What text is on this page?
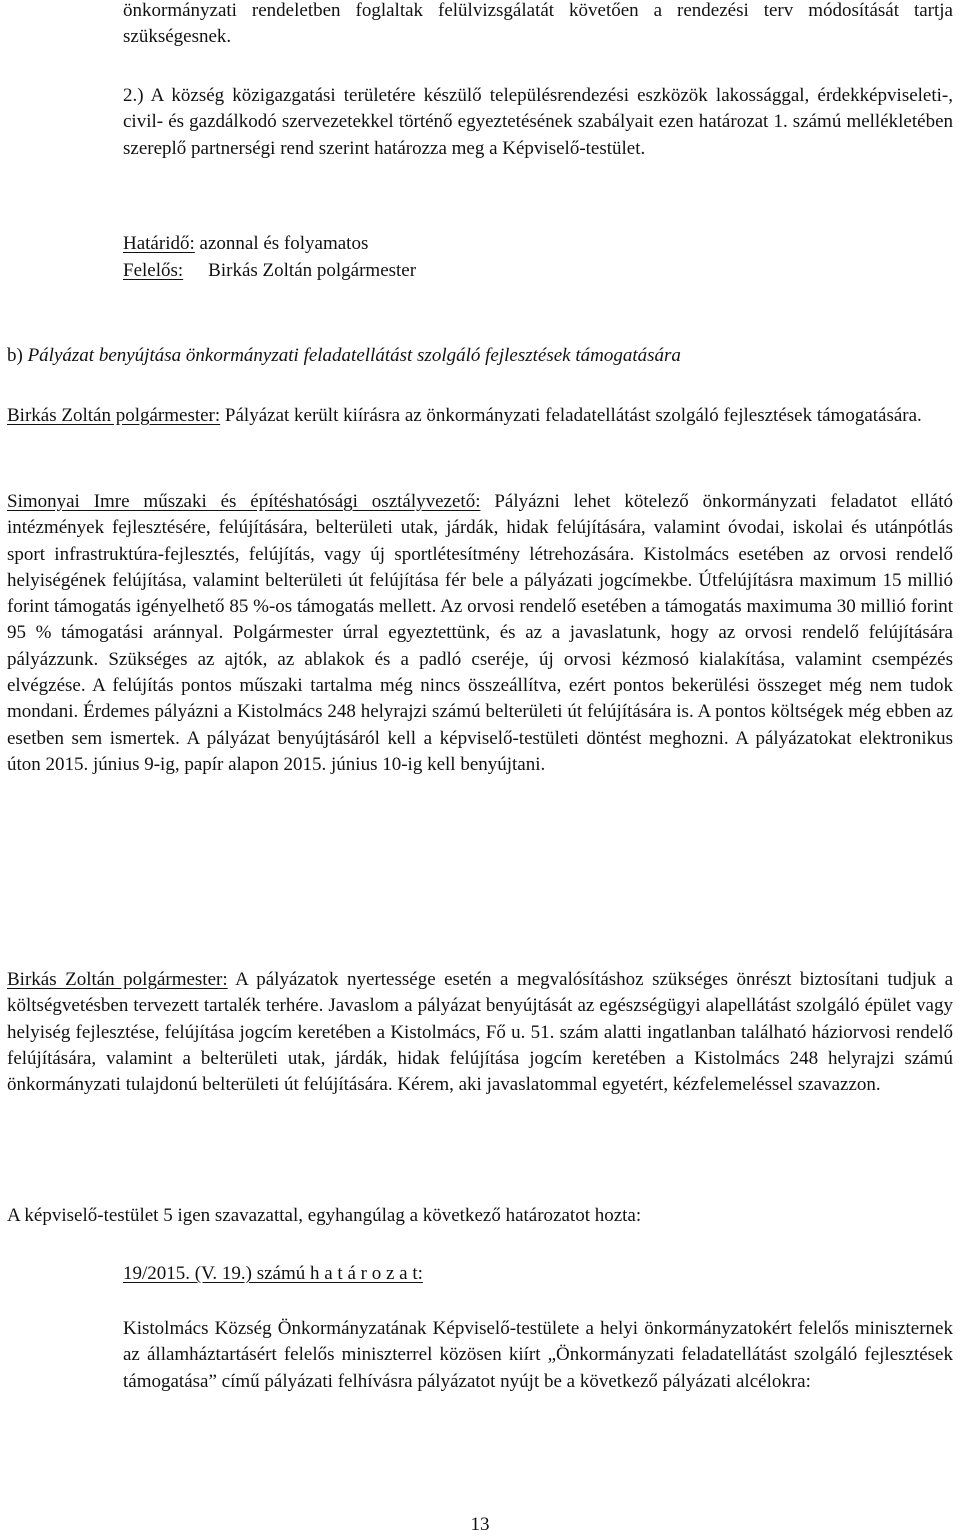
önkormányzati rendeletben foglaltak felülvizsgálatát követően a rendezési terv módosítását tartja szükségesnek.

2.) A község közigazgatási területére készülő településrendezési eszközök lakossággal, érdekképviseleti-, civil- és gazdálkodó szervezetekkel történő egyeztetésének szabályait ezen határozat 1. számú mellékletében szereplő partnerségi rend szerint határozza meg a Képviselő-testület.

Határidő: azonnal és folyamatos
Felelős: Birkás Zoltán polgármester
b) Pályázat benyújtása önkormányzati feladatellátást szolgáló fejlesztések támogatására

Birkás Zoltán polgármester: Pályázat került kiírásra az önkormányzati feladatellátást szolgáló fejlesztések támogatására.

Simonyai Imre műszaki és építéshatósági osztályvezető: Pályázni lehet kötelező önkormányzati feladatot ellátó intézmények fejlesztésére, felújítására, belterületi utak, járdák, hidak felújítására, valamint óvodai, iskolai és utánpótlás sport infrastruktúra-fejlesztés, felújítás, vagy új sportlétesítmény létrehozására. Kistolmács esetében az orvosi rendelő helyiségének felújítása, valamint belterületi út felújítása fér bele a pályázati jogcímekbe. Útfelújításra maximum 15 millió forint támogatás igényelhető 85 %-os támogatás mellett. Az orvosi rendelő esetében a támogatás maximuma 30 millió forint 95 % támogatási aránnyal. Polgármester úrral egyeztettünk, és az a javaslatunk, hogy az orvosi rendelő felújítására pályázzunk. Szükséges az ajtók, az ablakok és a padló cseréje, új orvosi kézmosó kialakítása, valamint csempézés elvégzése. A felújítás pontos műszaki tartalma még nincs összeállítva, ezért pontos bekerülési összeget még nem tudok mondani. Érdemes pályázni a Kistolmács 248 helyrajzi számú belterületi út felújítására is. A pontos költségek még ebben az esetben sem ismertek. A pályázat benyújtásáról kell a képviselő-testületi döntést meghozni. A pályázatokat elektronikus úton 2015. június 9-ig, papír alapon 2015. június 10-ig kell benyújtani.

Birkás Zoltán polgármester: A pályázatok nyertessége esetén a megvalósításhoz szükséges önrészt biztosítani tudjuk a költségvetésben tervezett tartalék terhére. Javaslom a pályázat benyújtását az egészségügyi alapellátást szolgáló épület vagy helyiség fejlesztése, felújítása jogcím keretében a Kistolmács, Fő u. 51. szám alatti ingatlanban található háziorvosi rendelő felújítására, valamint a belterületi utak, járdák, hidak felújítása jogcím keretében a Kistolmács 248 helyrajzi számú önkormányzati tulajdonú belterületi út felújítására. Kérem, aki javaslatommal egyetért, kézfelemeléssel szavazzon.

A képviselő-testület 5 igen szavazattal, egyhangúlag a következő határozatot hozta:
19/2015. (V. 19.) számú h a t á r o z a t:

Kistolmács Község Önkormányzatának Képviselő-testülete a helyi önkormányzatokért felelős miniszternek az államháztartásért felelős miniszterrel közösen kiírt „Önkormányzati feladatellátást szolgáló fejlesztések támogatása” című pályázati felhívásra pályázatot nyújt be a következő pályázati alcélokra:

13
